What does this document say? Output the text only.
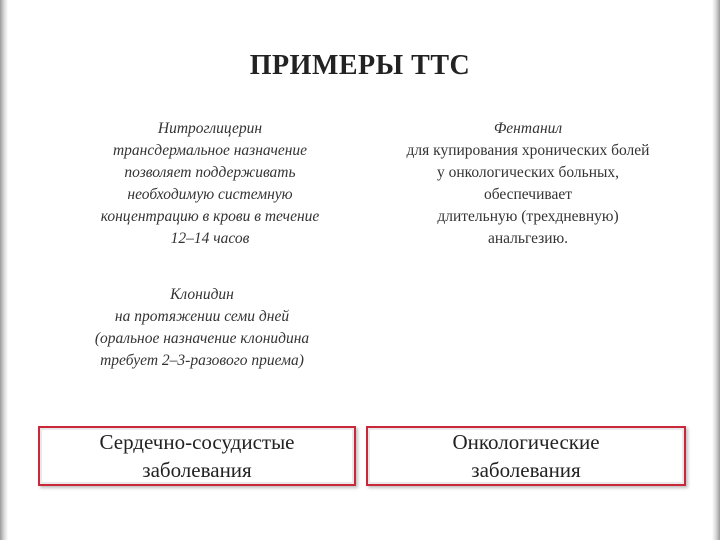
ПРИМЕРЫ ТТС
Нитроглицерин
трансдермальное назначение
позволяет поддерживать
необходимую системную
концентрацию в крови в течение
12–14 часов
Фентанил
для купирования хронических болей
у онкологических больных,
обеспечивает
длительную (трехдневную)
анальгезию.
Клонидин
на протяжении семи дней
(оральное назначение клонидина
требует 2–3-разового приема)
Сердечно-сосудистые
заболевания
Онкологические
заболевания
